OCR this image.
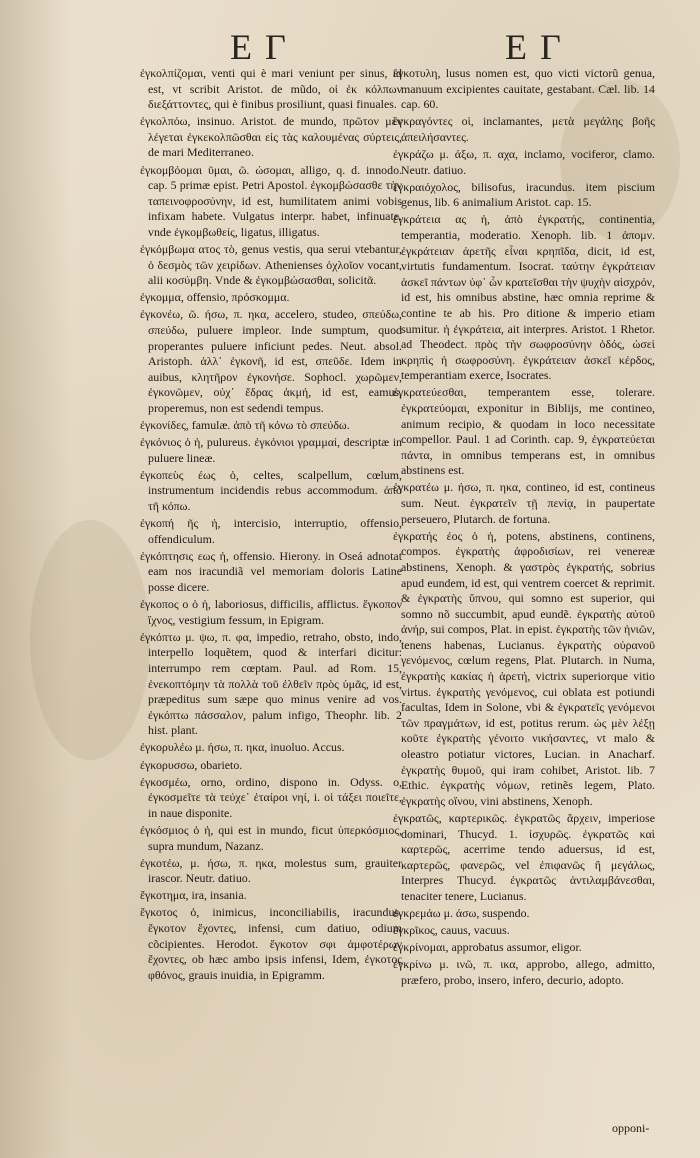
E Γ	E Γ

ἐγκολπίζομαι, venti qui è mari veniunt per sinus, id est, vt scribit Aristot. de mũdo, οἱ ἐκ κόλπων διεξάττοντες, qui è finibus prosiliunt, quasi finuales.

ἐγκολπόω, insinuo. Aristot. de mundo, πρῶτον μὲν λέγεται ἐγκεκολπῶσθαι εἰς τὰς καλουμένας σύρτεις, de mari Mediterraneo.

ἐγκομβόομαι ῦμαι, ῶ. ώσομαι, alligo, q. d. innodo. cap. 5 primæ epist. Petri Apostol. ἐγκομβώσασθε τὴν ταπεινοφροσύνην, id est, humilitatem animi vobis infixam habete. Vulgatus interpr. habet, infinuate. vnde ἐγκομβωθείς, ligatus, illigatus.

ἐγκόμβωμα ατος τὸ, genus vestis, qua serui vtebantur, ὁ δεσμὸς τῶν χειρίδων. Athenienses ὀχλοῖον vocant, alii κοσύμβη. Vnde & ἐγκομβώσασθαι, solicitᾶ.

ἐγκομμα, offensio, πρόσκομμα.

ἐγκονέω, ῶ. ήσω, π. ηκα, accelero, studeo, σπεύδω, σπεύδω, puluere impleor. Inde sumptum, quod properantes puluere inficiunt pedes. Neut. absol. Aristoph. ἀλλ᾽ ἐγκονῆ, id est, σπεῦδε. Idem in auibus, κλητῆρον ἐγκονήσε. Sophocl. χωρῶμεν, ἐγκονῶμεν, οὐχ᾽ ἕδρας ἀκμή, id est, eamus, properemus, non est sedendi tempus.

ἐγκονίδες, famulæ. ἀπὸ τῆ κόνω τὸ σπεύδω.

ἐγκόνιος ὁ ἡ, pulureus. ἐγκόνιοι γραμμαί, descriptæ in puluere lineæ.

ἐγκοπεὺς έως ὁ, celtes, scalpellum, cœlum, instrumentum incidendis rebus accommodum. ἀπὸ τῆ κόπω.

ἐγκοπή ῆς ἡ, intercisio, interruptio, offensio, offendiculum.

ἐγκόπτησις εως ἡ, offensio. Hierony. in Oseá adnotat eam nos iracundiã vel memoriam doloris Latine posse dicere.

ἐγκοπος ο ὁ ἡ, laboriosus, difficilis, afflictus. ἔγκοπον ἴχνος, vestigium fessum, in Epigram.

ἐγκόπτω μ. ψω, π. φα, impedio, retraho, obsto, indo, interpello loquẽtem, quod & interfari dicitur: interrumpo rem cœptam. Paul. ad Rom. 15, ἐνεκοπτόμην τὰ πολλὰ τοῦ ἐλθεῖν πρὸς ὑμᾶς, id est, præpeditus sum sæpe quo minus venire ad vos. ἐγκόπτω πάσσαλον, palum infigo, Theophr. lib. 2 hist. plant.

ἐγκορυλέω μ. ήσω, π. ηκα, inuoluo. Accus.

ἐγκορυσσω, obarieto.

ἐγκοσμέω, orno, ordino, dispono in. Odyss. o, ἐγκοσμεῖτε τὰ τεύχε᾽ ἑταίροι νηί, i. οἱ τάξει ποιεῖτε, in naue disponite.

ἐγκόσμιος ὁ ἡ, qui est in mundo, ficut ὑπερκόσμιος, supra mundum, Nazanz.

ἐγκοτέω, μ. ήσω, π. ηκα, molestus sum, grauiter irascor. Neutr. datiuo.

ἔγκοτημα, ira, insania.

ἔγκοτος ὁ, inimicus, inconciliabilis, iracundus. ἔγκοτον ἔχοντες, infensi, cum datiuo, odium cõcipientes. Herodot. ἔγκοτον σφι ἀμφοτέρων ἔχοντες, ob hæc ambo ipsis infensi, Idem, ἐγκοτος φθόνος, grauis inuidia, in Epigramm.

ἐγκοτυλη, lusus nomen est, quo victi victorũ genua, manuum excipientes cauitate, gestabant. Cæl. lib. 14 cap. 60.

ἐγκραγόντες οἱ, inclamantes, μετὰ μεγάλης βοῆς ἀπειλήσαντες.

ἐγκράζω μ. άξω, π. αχα, inclamo, vociferor, clamo. Neutr. datiuo.

ἐγκραιόχολος, bilisofus, iracundus. item piscium genus, lib. 6 animalium Aristot. cap. 15.

ἐγκράτεια ας ἡ, ἀπὸ ἐγκρατής, continentia, temperantia, moderatio. Xenoph. lib. 1 ἀπομν. ἐγκράτειαν ἀρετῆς εἶναι κρηπῖδα, dicit, id est, virtutis fundamentum. Isocrat. ταύτην ἐγκράτειαν ἀσκεῖ πάντων ὑφ᾽ ὧν κρατεῖσθαι τὴν ψυχὴν αἰσχρόν, id est, his omnibus abstine, hæc omnia reprime & contine te ab his. Pro ditione & imperio etiam sumitur. ἡ ἐγκράτεια, ait interpres. Aristot. 1 Rhetor. ad Theodect. πρὸς τὴν σωφροσύνην ὁδός, ὡσεὶ κρηπὶς ἡ σωφροσύνη. ἐγκράτειαν ἀσκεῖ κέρδος, temperantiam exerce, Isocrates.

ἐγκρατεύεσθαι, temperantem esse, tolerare. ἐγκρατεύομαι, exponitur in Biblijs, me contineo, animum recipio, & quodam in loco necessitate compellor. Paul. 1 ad Corinth. cap. 9, ἐγκρατεύεται πάντα, in omnibus temperans est, in omnibus abstinens est.

ἐγκρατέω μ. ήσω, π. ηκα, contineo, id est, contineus sum. Neut. ἐγκρατεῖν τῇ πενίᾳ, in paupertate perseuero, Plutarch. de fortuna.

ἐγκρατής έος ὁ ἡ, potens, abstinens, continens, compos. ἐγκρατὴς ἀφροδισίων, rei venereæ abstinens, Xenoph. & γαστρὸς ἐγκρατής, sobrius apud eundem, id est, qui ventrem coercet & reprimit. & ἐγκρατὴς ὕπνου, qui somno est superior, qui somno nõ succumbit, apud eundẽ. ἐγκρατὴς αὑτοῦ ἀνήρ, sui compos, Plat. in epist. ἐγκρατὴς τῶν ἡνιῶν, tenens habenas, Lucianus. ἐγκρατὴς οὐρανοῦ γενόμενος, cœlum regens, Plat. Plutarch. in Numa, ἐγκρατὴς κακίας ἡ ἀρετή, victrix superiorque vitio virtus. ἐγκρατὴς γενόμενος, cui oblata est potiundi facultas, Idem in Solone, vbi & ἐγκρατεῖς γενόμενοι τῶν πραγμάτων, id est, potitus rerum. ὡς μὲν λέξῃ κοῦτε ἐγκρατὴς γένοιτο νικήσαντες, vt malo & oleastro potiatur victores, Lucian. in Anacharf. ἐγκρατὴς θυμοῦ, qui iram cohibet, Aristot. lib. 7 Ethic. ἐγκρατὴς νόμων, retinẽs legem, Plato. ἐγκρατὴς οἴνου, vini abstinens, Xenoph.

ἐγκρατῶς, καρτερικῶς. ἐγκρατῶς ἄρχειν, imperiose dominari, Thucyd. 1. ἰσχυρῶς. ἐγκρατῶς καὶ καρτερῶς, acerrime tendo aduersus, id est, καρτερῶς, φανερῶς, vel ἐπιφανῶς ἢ μεγάλως, Interpres Thucyd. ἐγκρατῶς ἀντιλαμβάνεσθαι, tenaciter tenere, Lucianus.

ἐγκρεμάω μ. άσω, suspendo.

ἐγκρῖκος, cauus, vacuus.

ἐγκρίνομαι, approbatus assumor, eligor.

ἐγκρίνω μ. ινῶ, π. ικα, approbo, allego, admitto, præfero, probo, insero, infero, decurio, adopto.

opponi-
